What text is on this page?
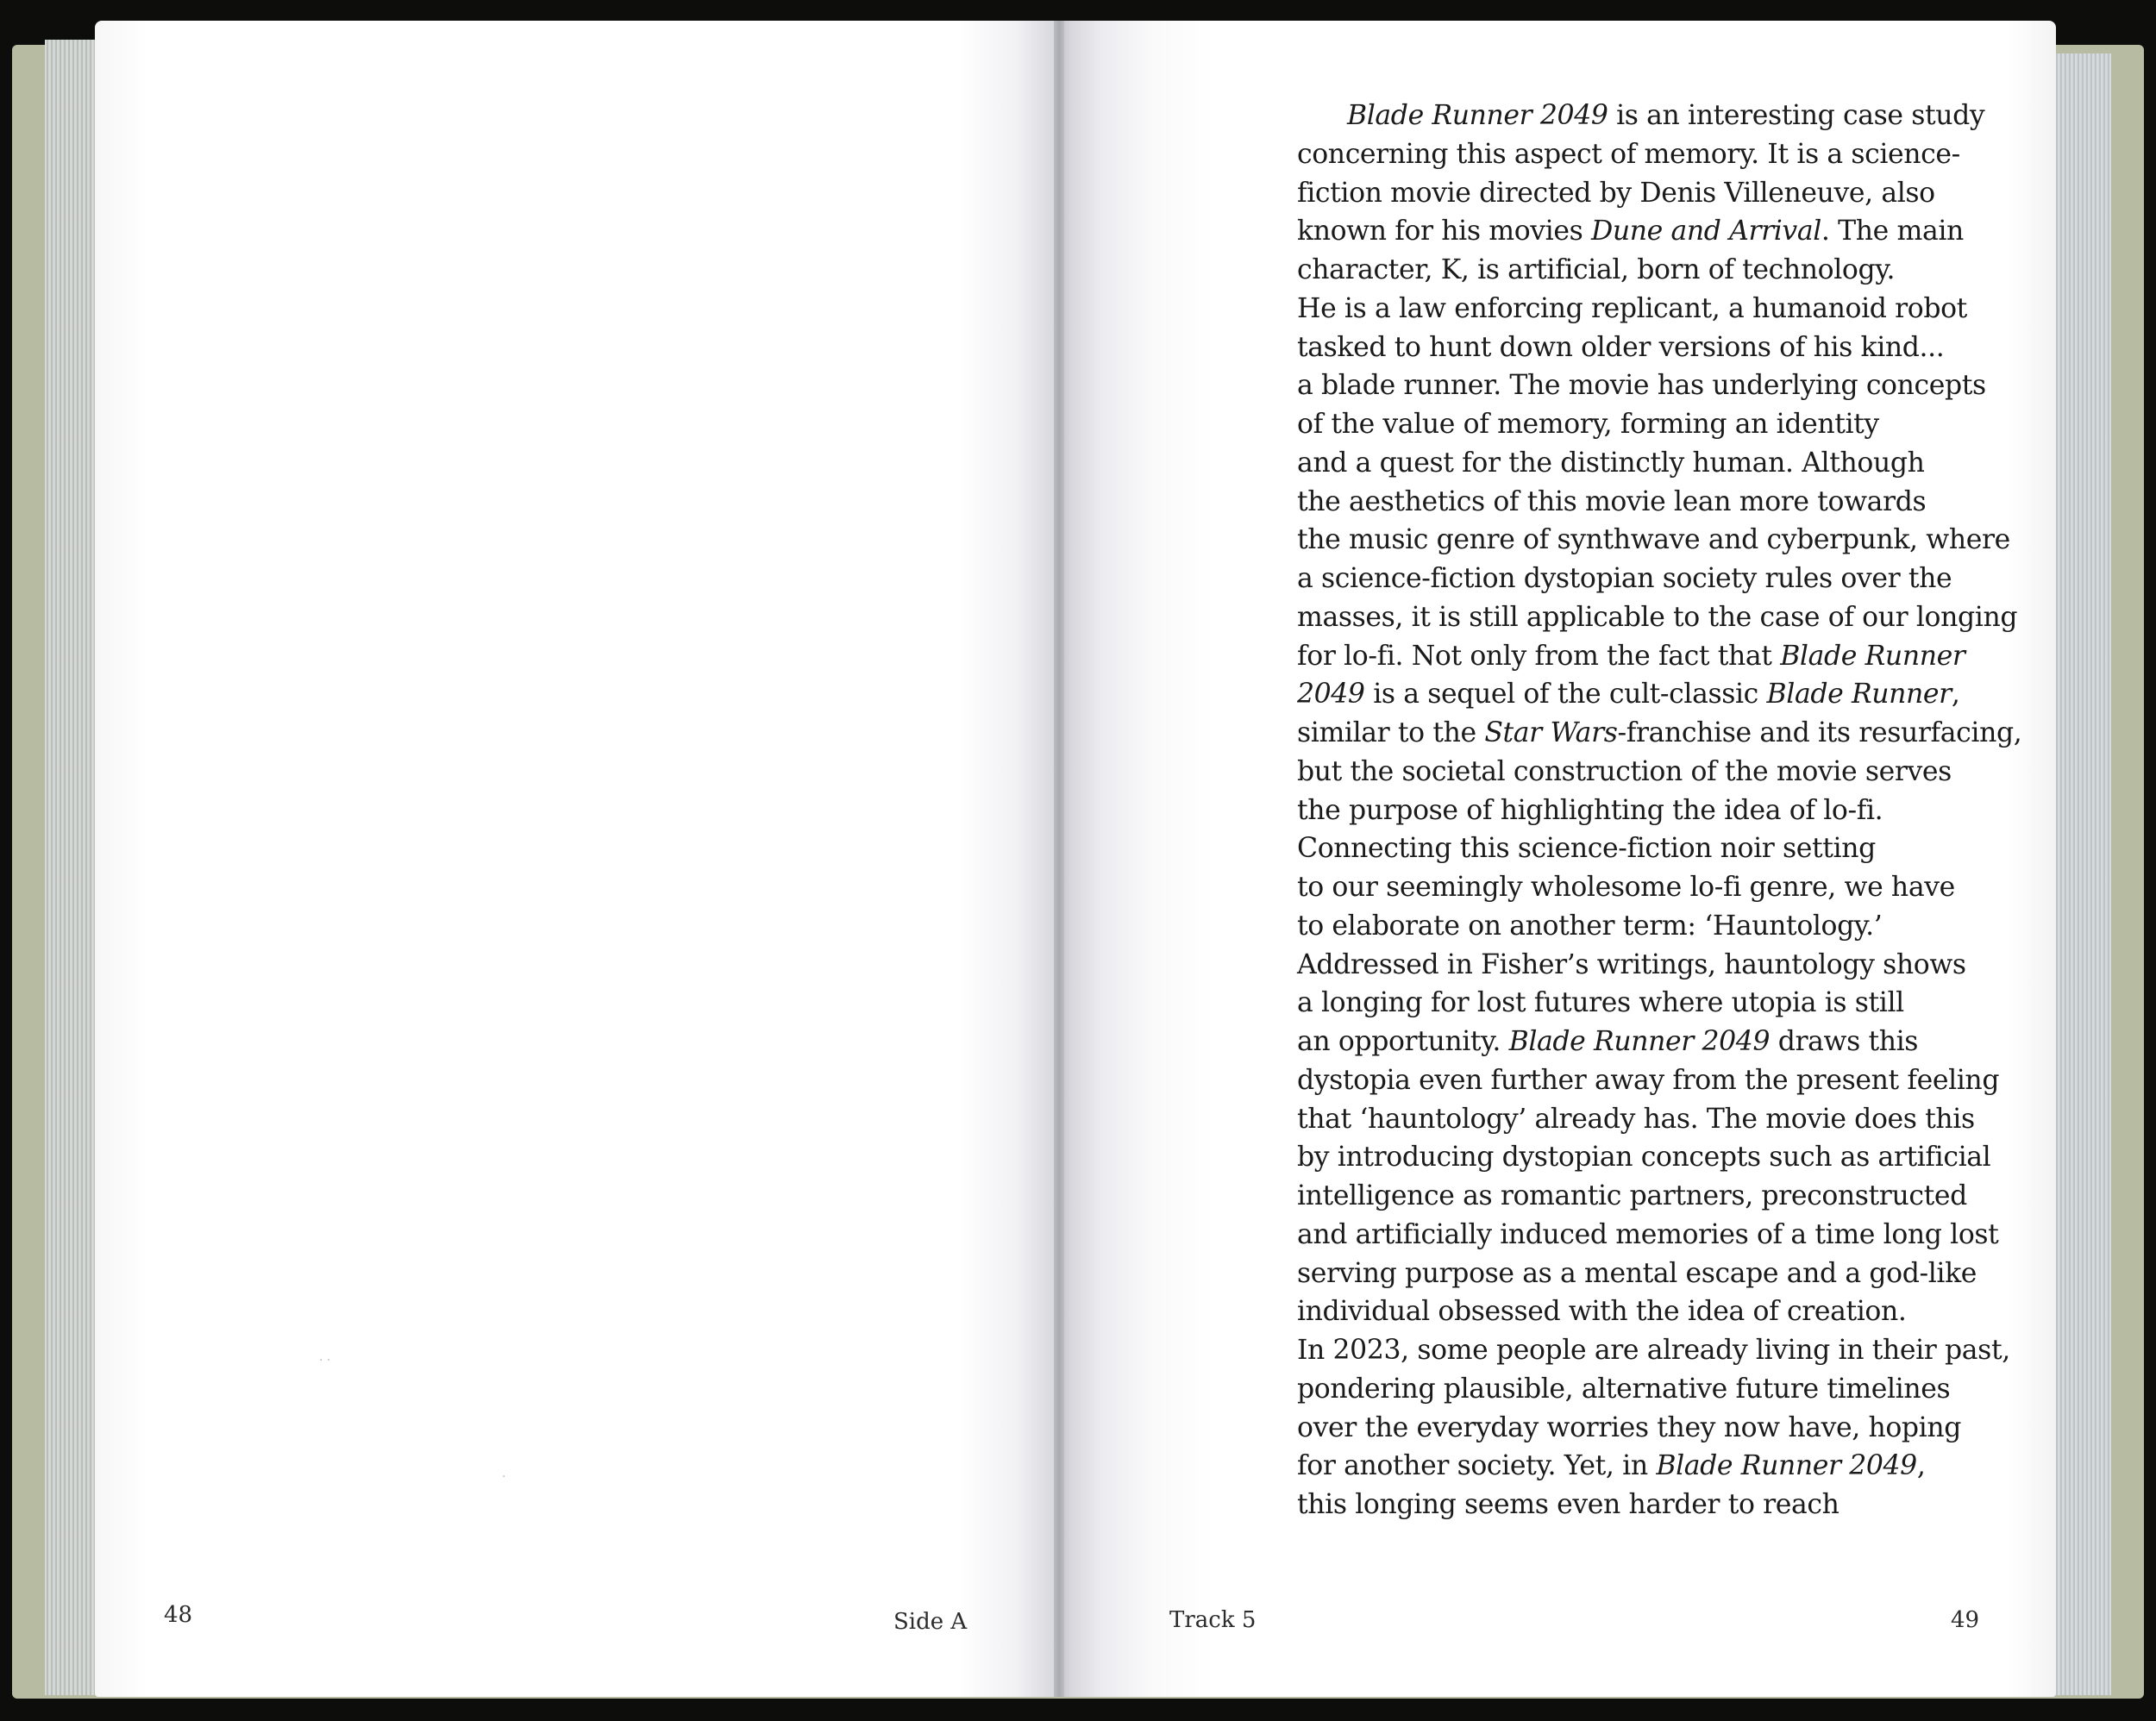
· ·
·
Blade Runner 2049 is an interesting case study
concerning this aspect of memory. It is a science-
fiction movie directed by Denis Villeneuve, also
known for his movies Dune and Arrival. The main
character, K, is artificial, born of technology.
He is a law enforcing replicant, a humanoid robot
tasked to hunt down older versions of his kind...
a blade runner. The movie has underlying concepts
of the value of memory, forming an identity
and a quest for the distinctly human. Although
the aesthetics of this movie lean more towards
the music genre of synthwave and cyberpunk, where
a science-fiction dystopian society rules over the
masses, it is still applicable to the case of our longing
for lo-fi. Not only from the fact that Blade Runner
2049 is a sequel of the cult-classic Blade Runner,
similar to the Star Wars-franchise and its resurfacing,
but the societal construction of the movie serves
the purpose of highlighting the idea of lo-fi.
Connecting this science-fiction noir setting
to our seemingly wholesome lo-fi genre, we have
to elaborate on another term: ‘Hauntology.’
Addressed in Fisher’s writings, hauntology shows
a longing for lost futures where utopia is still
an opportunity. Blade Runner 2049 draws this
dystopia even further away from the present feeling
that ‘hauntology’ already has. The movie does this
by introducing dystopian concepts such as artificial
intelligence as romantic partners, preconstructed
and artificially induced memories of a time long lost
serving purpose as a mental escape and a god-like
individual obsessed with the idea of creation.
In 2023, some people are already living in their past,
pondering plausible, alternative future timelines
over the everyday worries they now have, hoping
for another society. Yet, in Blade Runner 2049,
this longing seems even harder to reach
48	Side A	Track 5	49
